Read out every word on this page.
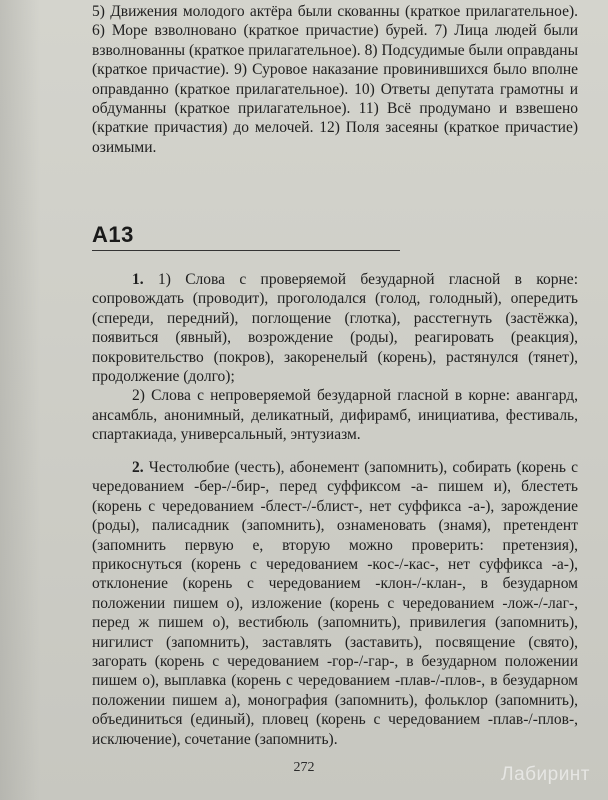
5) Движения молодого актёра были скованны (краткое прилагательное). 6) Море взволновано (краткое причастие) бурей. 7) Лица людей были взволнованны (краткое прилагательное). 8) Подсудимые были оправданы (краткое причастие). 9) Суровое наказание провинившихся было вполне оправданно (краткое прилагательное). 10) Ответы депутата грамотны и обдуманны (краткое прилагательное). 11) Всё продумано и взвешено (краткие причастия) до мелочей. 12) Поля засеяны (краткое причастие) озимыми.

А13

1. 1) Слова с проверяемой безударной гласной в корне: сопровождать (проводит), проголодался (голод, голодный), опередить (спереди, передний), поглощение (глотка), расстегнуть (застёжка), появиться (явный), возрождение (роды), реагировать (реакция), покровительство (покров), закоренелый (корень), растянулся (тянет), продолжение (долго);

2) Слова с непроверяемой безударной гласной в корне: авангард, ансамбль, анонимный, деликатный, дифирамб, инициатива, фестиваль, спартакиада, универсальный, энтузиазм.

2. Честолюбие (честь), абонемент (запомнить), собирать (корень с чередованием -бер-/-бир-, перед суффиксом -а- пишем и), блестеть (корень с чередованием -блест-/-блист-, нет суффикса -а-), зарождение (роды), палисадник (запомнить), ознаменовать (знамя), претендент (запомнить первую е, вторую можно проверить: претензия), прикоснуться (корень с чередованием -кос-/-кас-, нет суффикса -а-), отклонение (корень с чередованием -клон-/-клан-, в безударном положении пишем о), изложение (корень с чередованием -лож-/-лаг-, перед ж пишем о), вестибюль (запомнить), привилегия (запомнить), нигилист (запомнить), заставлять (заставить), посвящение (свято), загорать (корень с чередованием -гор-/-гар-, в безударном положении пишем о), выплавка (корень с чередованием -плав-/-плов-, в безударном положении пишем а), монография (запомнить), фольклор (запомнить), объединиться (единый), пловец (корень с чередованием -плав-/-плов-, исключение), сочетание (запомнить).

272	Лабиринт
